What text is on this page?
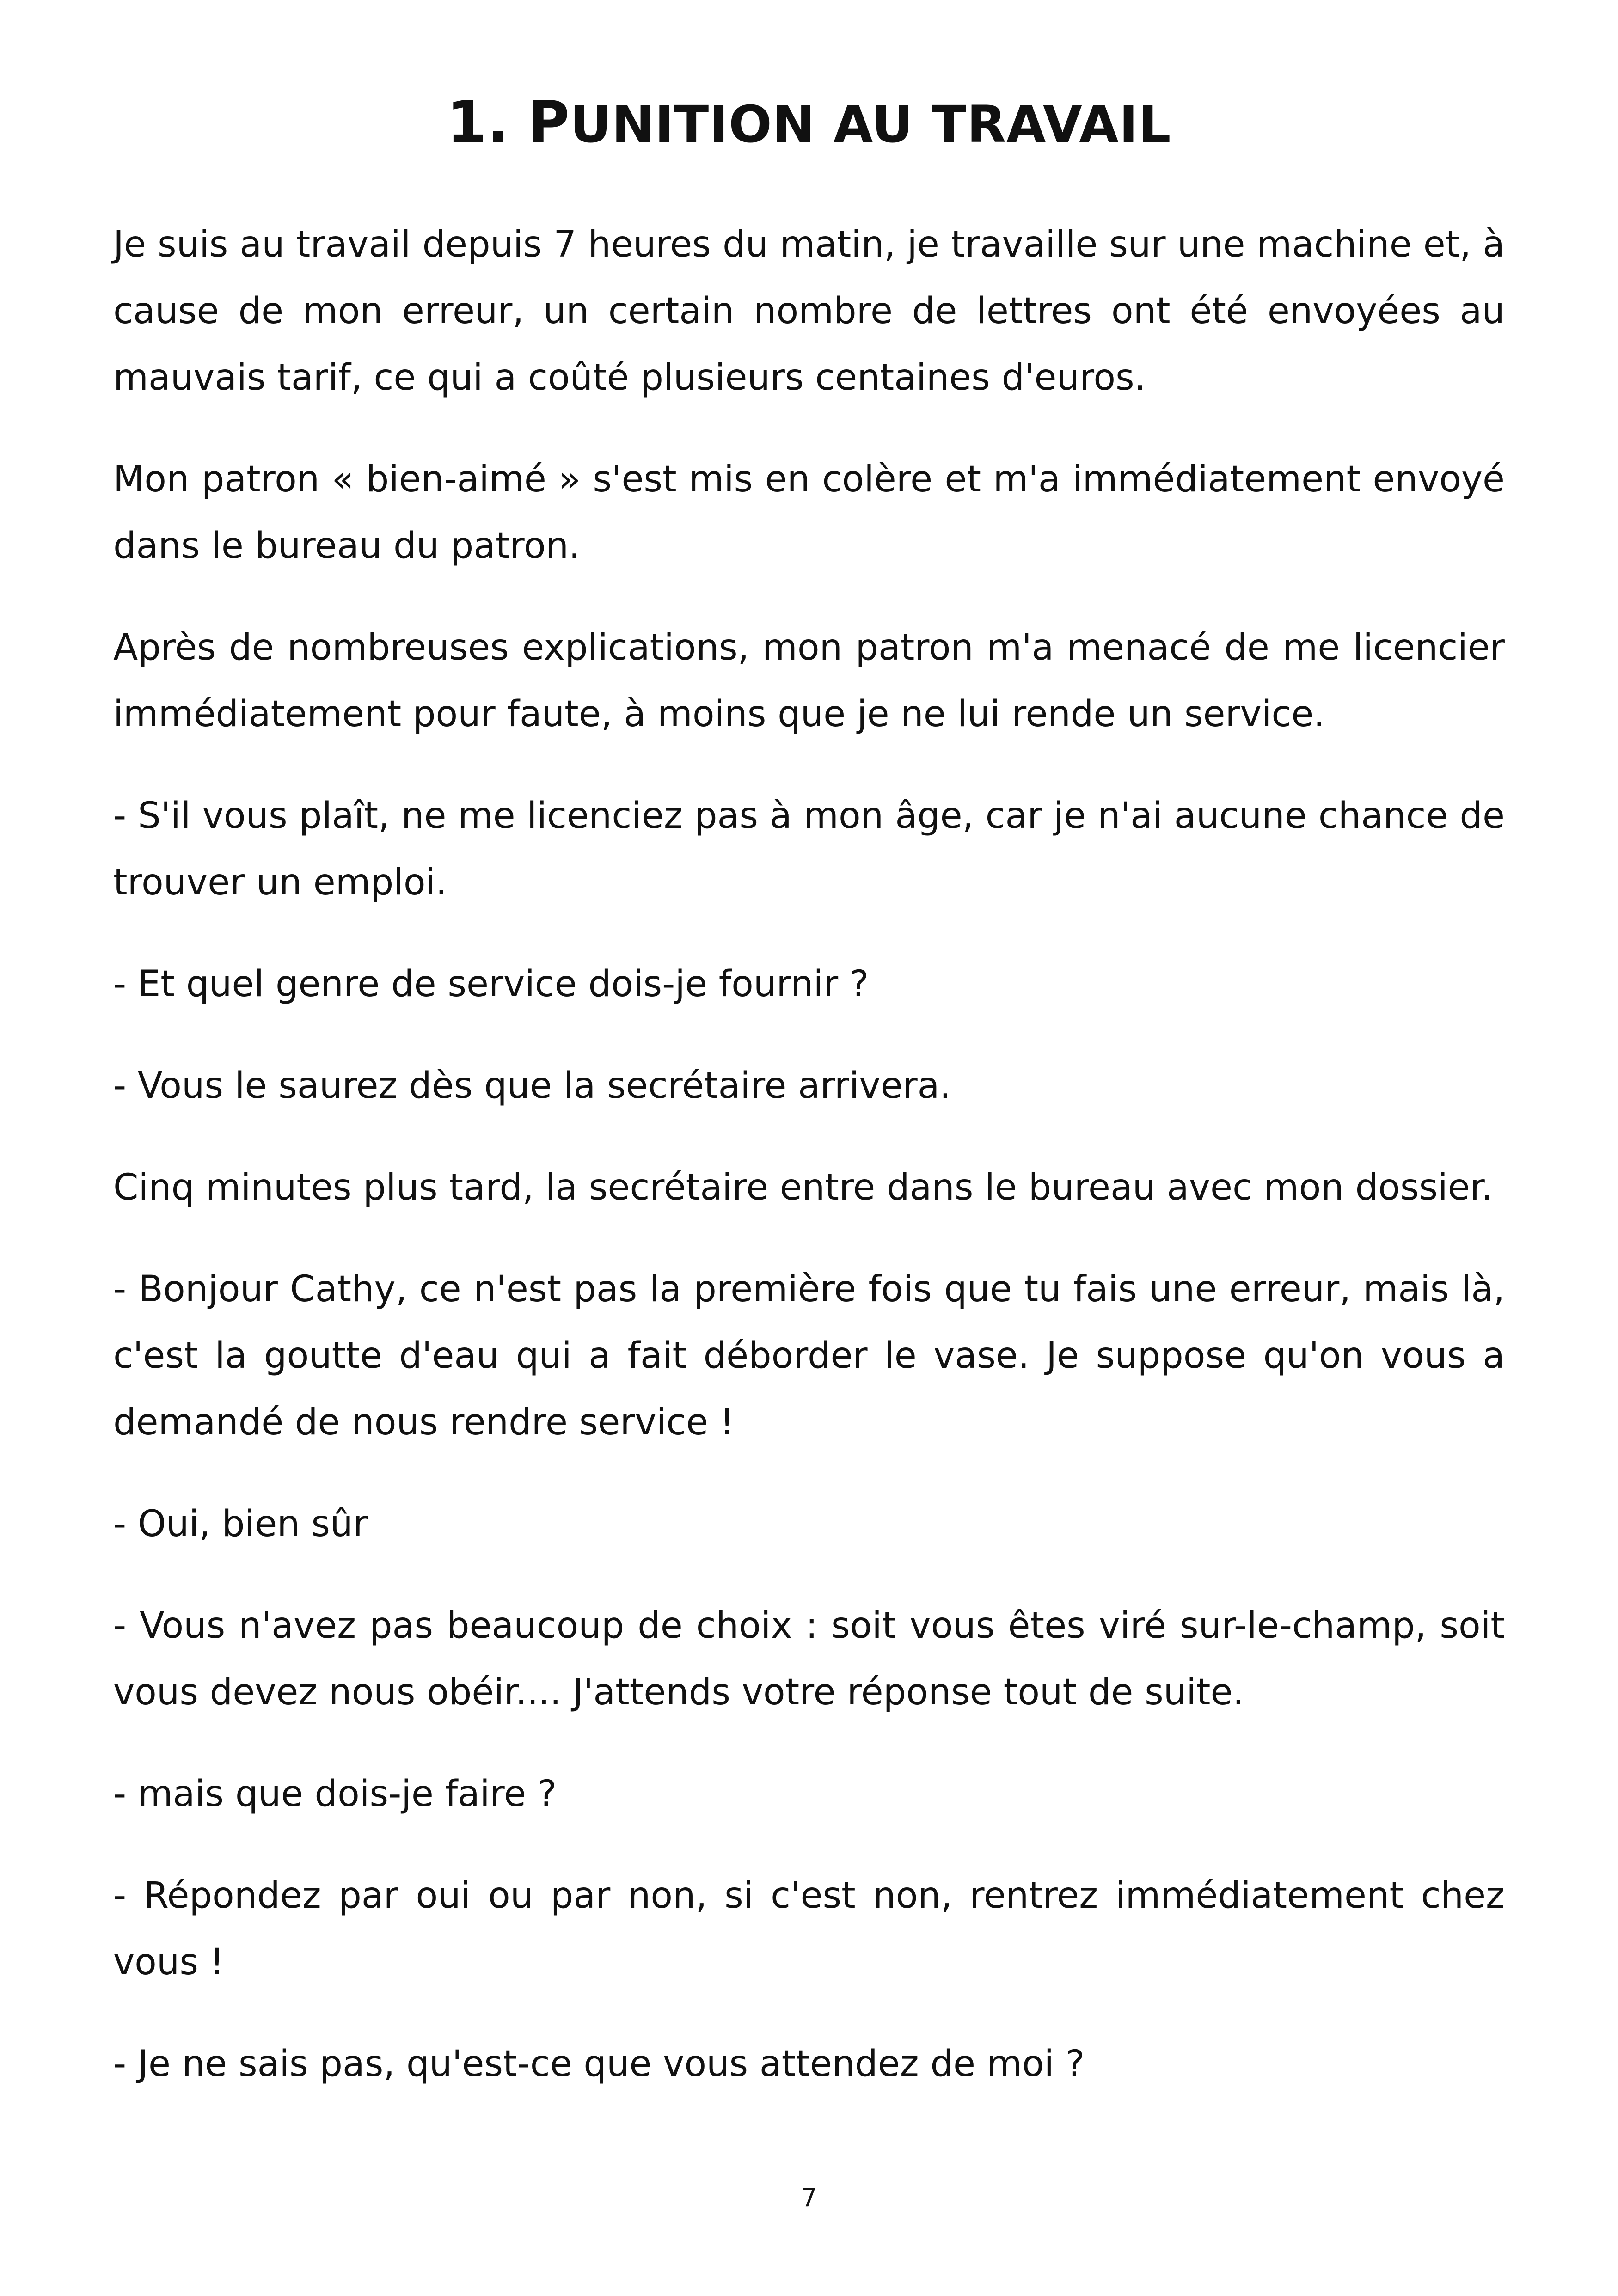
1. PUNITION AU TRAVAIL

Je suis au travail depuis 7 heures du matin, je travaille sur une machine et, à cause de mon erreur, un certain nombre de lettres ont été envoyées au mauvais tarif, ce qui a coûté plusieurs centaines d'euros.

Mon patron « bien-aimé » s'est mis en colère et m'a immédiatement envoyé dans le bureau du patron.

Après de nombreuses explications, mon patron m'a menacé de me licencier immédiatement pour faute, à moins que je ne lui rende un service.

- S'il vous plaît, ne me licenciez pas à mon âge, car je n'ai aucune chance de trouver un emploi.

- Et quel genre de service dois-je fournir ?

- Vous le saurez dès que la secrétaire arrivera.

Cinq minutes plus tard, la secrétaire entre dans le bureau avec mon dossier.

- Bonjour Cathy, ce n'est pas la première fois que tu fais une erreur, mais là, c'est la goutte d'eau qui a fait déborder le vase. Je suppose qu'on vous a demandé de nous rendre service !

- Oui, bien sûr

- Vous n'avez pas beaucoup de choix : soit vous êtes viré sur-le-champ, soit vous devez nous obéir.... J'attends votre réponse tout de suite.

- mais que dois-je faire ?

- Répondez par oui ou par non, si c'est non, rentrez immédiatement chez vous !

- Je ne sais pas, qu'est-ce que vous attendez de moi ?

7
